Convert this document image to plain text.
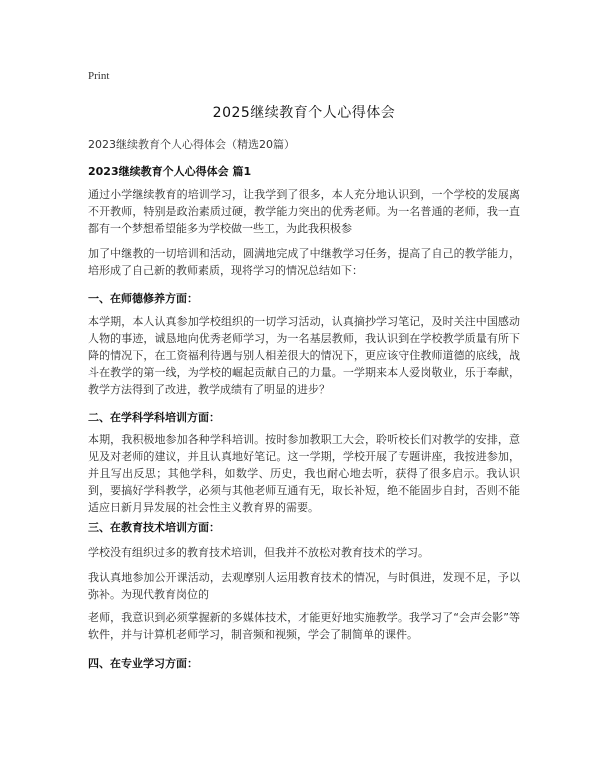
Print
2025继续教育个人心得体会
2023继续教育个人心得体会（精选20篇）
2023继续教育个人心得体会 篇1
通过小学继续教育的培训学习，让我学到了很多，本人充分地认识到，一个学校的发展离不开教师，特别是政治素质过硬，教学能力突出的优秀老师。为一名普通的老师，我一直都有一个梦想希望能多为学校做一些工，为此我积极参
加了中继教的一切培训和活动，圆满地完成了中继教学习任务，提高了自己的教学能力，培形成了自己新的教师素质，现将学习的情况总结如下：
一、在师德修养方面：
本学期，本人认真参加学校组织的一切学习活动，认真摘抄学习笔记，及时关注中国感动人物的事迹，诚恳地向优秀老师学习，为一名基层教师，我认识到在学校教学质量有所下降的情况下，在工资福利待遇与别人相差很大的情况下，更应该守住教师道德的底线，战斗在教学的第一线，为学校的崛起贡献自己的力量。一学期来本人爱岗敬业，乐于奉献，教学方法得到了改进，教学成绩有了明显的进步？
二、在学科学科培训方面：
本期，我积极地参加各种学科培训。按时参加教职工大会，聆听校长们对教学的安排，意见及对老师的建议，并且认真地好笔记。这一学期，学校开展了专题讲座，我按进参加，并且写出反思；其他学科，如数学、历史，我也耐心地去听，获得了很多启示。我认识到，要搞好学科教学，必须与其他老师互通有无，取长补短，绝不能固步自封，否则不能适应日新月异发展的社会性主义教育界的需要。
三、在教育技术培训方面：
学校没有组织过多的教育技术培训，但我并不放松对教育技术的学习。
我认真地参加公开课活动，去观摩别人运用教育技术的情况，与时俱进，发现不足，予以弥补。为现代教育岗位的
老师，我意识到必须掌握新的多媒体技术，才能更好地实施教学。我学习了“会声会影”等软件，并与计算机老师学习，制音频和视频，学会了制简单的课件。
四、在专业学习方面：
